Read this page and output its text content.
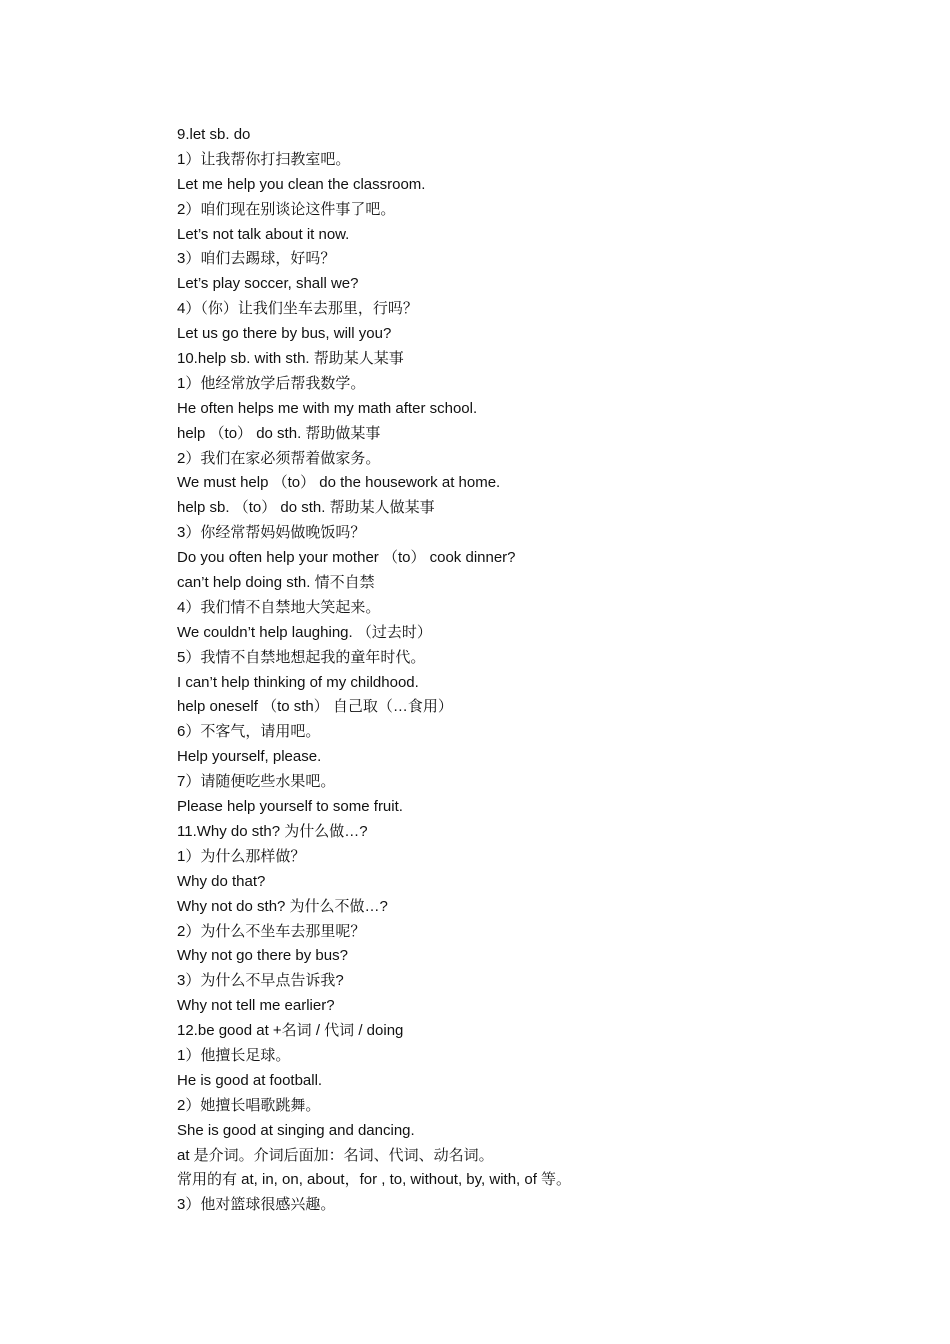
9.let sb. do
1）让我帮你打扫教室吧。
Let me help you clean the classroom.
2）咱们现在别谈论这件事了吧。
Let’s not talk about it now.
3）咱们去踢球，好吗？
Let’s play soccer, shall we?
4）（你）让我们坐车去那里，行吗？
Let us go there by bus, will you?
10.help sb. with sth. 帮助某人某事
1）他经常放学后帮我数学。
He often helps me with my math after school.
help （to） do sth. 帮助做某事
2）我们在家必须帮着做家务。
We must help （to） do the housework at home.
help sb. （to） do sth. 帮助某人做某事
3）你经常帮妈妈做晚饭吗？
Do you often help your mother （to） cook dinner?
can’t help doing sth. 情不自禁
4）我们情不自禁地大笑起来。
We couldn’t help laughing. （过去时）
5）我情不自禁地想起我的童年时代。
I can’t help thinking of my childhood.
help oneself （to sth） 自己取（…食用）
6）不客气，请用吧。
Help yourself, please.
7）请随便吃些水果吧。
Please help yourself to some fruit.
11.Why do sth? 为什么做…?
1）为什么那样做？
Why do that?
Why not do sth? 为什么不做…?
2）为什么不坐车去那里呢？
Why not go there by bus?
3）为什么不早点告诉我?
Why not tell me earlier?
12.be good at +名词 / 代词 / doing
1）他擅长足球。
He is good at football.
2）她擅长唱歌跳舞。
She is good at singing and dancing.
at 是介词。介词后面加：名词、代词、动名词。
常用的有 at, in, on, about，for , to, without, by, with, of 等。
3）他对篮球很感兴趣。
